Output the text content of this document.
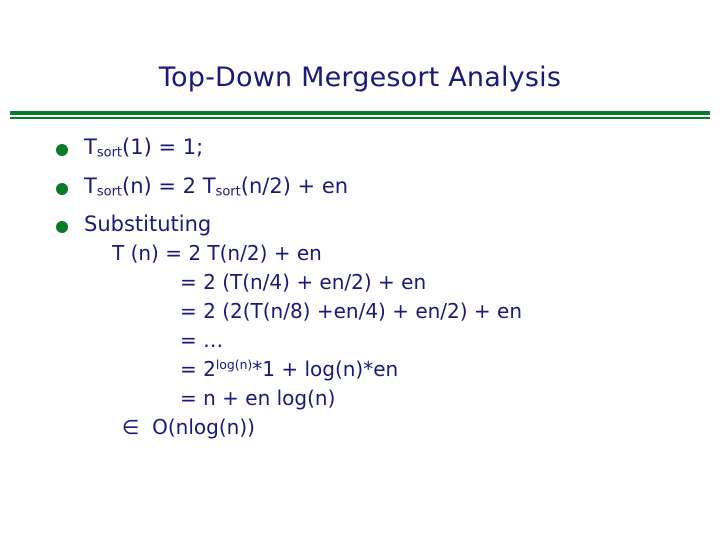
Top-Down Mergesort Analysis
Tsort(1) = 1;
Tsort(n) = 2 Tsort(n/2) + en
Substituting
T (n) = 2 T(n/2) + en
= 2 (T(n/4) + en/2) + en
= 2 (2(T(n/8) +en/4) + en/2) + en
= …
= $2^{log(n)}*1 + \log(n)*en$
= n + en log(n)
∈  O(nlog(n))
